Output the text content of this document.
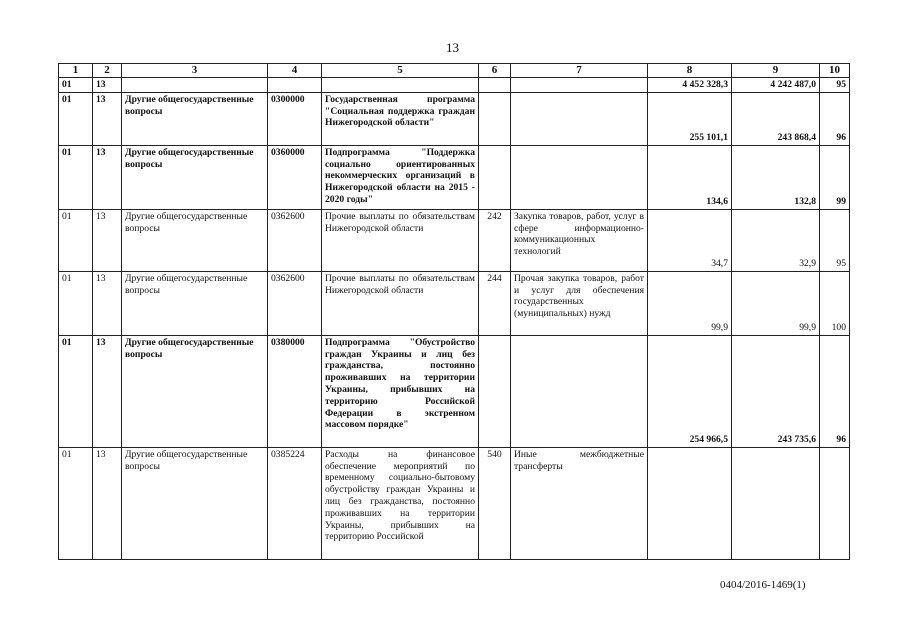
13
1	2	3	4	5	6	7	8	9	10
01	13						4 452 328,3	4 242 487,0	95
01	13	Другие общегосударственные вопросы	0300000	Государственная программа "Социальная поддержка граждан Нижегородской области"			255 101,1	243 868,4	96
01	13	Другие общегосударственные вопросы	0360000	Подпрограмма "Поддержка социально ориентированных некоммерческих организаций в Нижегородской области на 2015 - 2020 годы"			134,6	132,8	99
01	13	Другие общегосударственные вопросы	0362600	Прочие выплаты по обязательствам Нижегородской области	242	Закупка товаров, работ, услуг в сфере информационно-коммуникационных технологий	34,7	32,9	95
01	13	Другие общегосударственные вопросы	0362600	Прочие выплаты по обязательствам Нижегородской области	244	Прочая закупка товаров, работ и услуг для обеспечения государственных (муниципальных) нужд	99,9	99,9	100
01	13	Другие общегосударственные вопросы	0380000	Подпрограмма "Обустройство граждан Украины и лиц без гражданства, постоянно проживавших на территории Украины, прибывших на территорию Российской Федерации в экстренном массовом порядке"			254 966,5	243 735,6	96
01	13	Другие общегосударственные вопросы	0385224	Расходы на финансовое обеспечение мероприятий по временному социально-бытовому обустройству граждан Украины и лиц без гражданства, постоянно проживавших на территории Украины, прибывших на территорию Российской	540	Иные межбюджетные трансферты			
0404/2016-1469(1)
